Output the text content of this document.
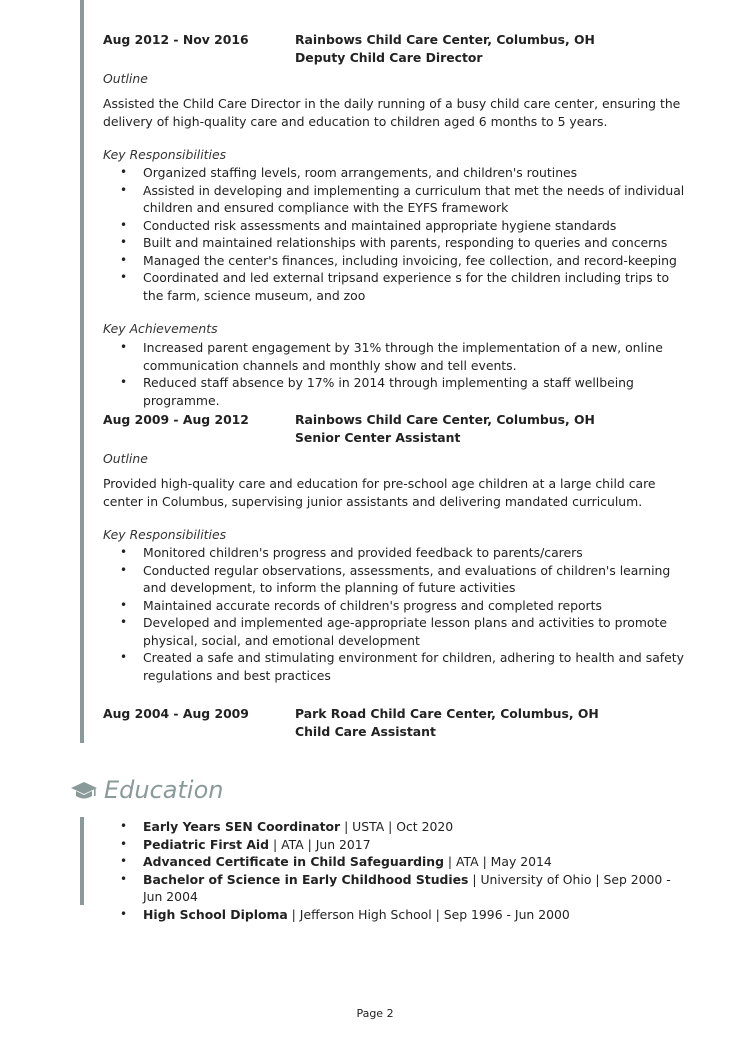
Aug 2012 - Nov 2016	Rainbows Child Care Center, Columbus, OH
Deputy Child Care Director
Outline
Assisted the Child Care Director in the daily running of a busy child care center, ensuring the delivery of high-quality care and education to children aged 6 months to 5 years.
Key Responsibilities
• Organized staffing levels, room arrangements, and children's routines
• Assisted in developing and implementing a curriculum that met the needs of individual children and ensured compliance with the EYFS framework
• Conducted risk assessments and maintained appropriate hygiene standards
• Built and maintained relationships with parents, responding to queries and concerns
• Managed the center's finances, including invoicing, fee collection, and record-keeping
• Coordinated and led external tripsand experience s for the children including trips to the farm, science museum, and zoo
Key Achievements
• Increased parent engagement by 31% through the implementation of a new, online communication channels and monthly show and tell events.
• Reduced staff absence by 17% in 2014 through implementing a staff wellbeing programme.
Aug 2009 - Aug 2012	Rainbows Child Care Center, Columbus, OH
Senior Center Assistant
Outline
Provided high-quality care and education for pre-school age children at a large child care center in Columbus, supervising junior assistants and delivering mandated curriculum.
Key Responsibilities
• Monitored children's progress and provided feedback to parents/carers
• Conducted regular observations, assessments, and evaluations of children's learning and development, to inform the planning of future activities
• Maintained accurate records of children's progress and completed reports
• Developed and implemented age-appropriate lesson plans and activities to promote physical, social, and emotional development
• Created a safe and stimulating environment for children, adhering to health and safety regulations and best practices
Aug 2004 - Aug 2009	Park Road Child Care Center, Columbus, OH
Child Care Assistant
Education
• Early Years SEN Coordinator | USTA | Oct 2020
• Pediatric First Aid | ATA | Jun 2017
• Advanced Certificate in Child Safeguarding | ATA | May 2014
• Bachelor of Science in Early Childhood Studies | University of Ohio | Sep 2000 - Jun 2004
• High School Diploma | Jefferson High School | Sep 1996 - Jun 2000
Page 2
